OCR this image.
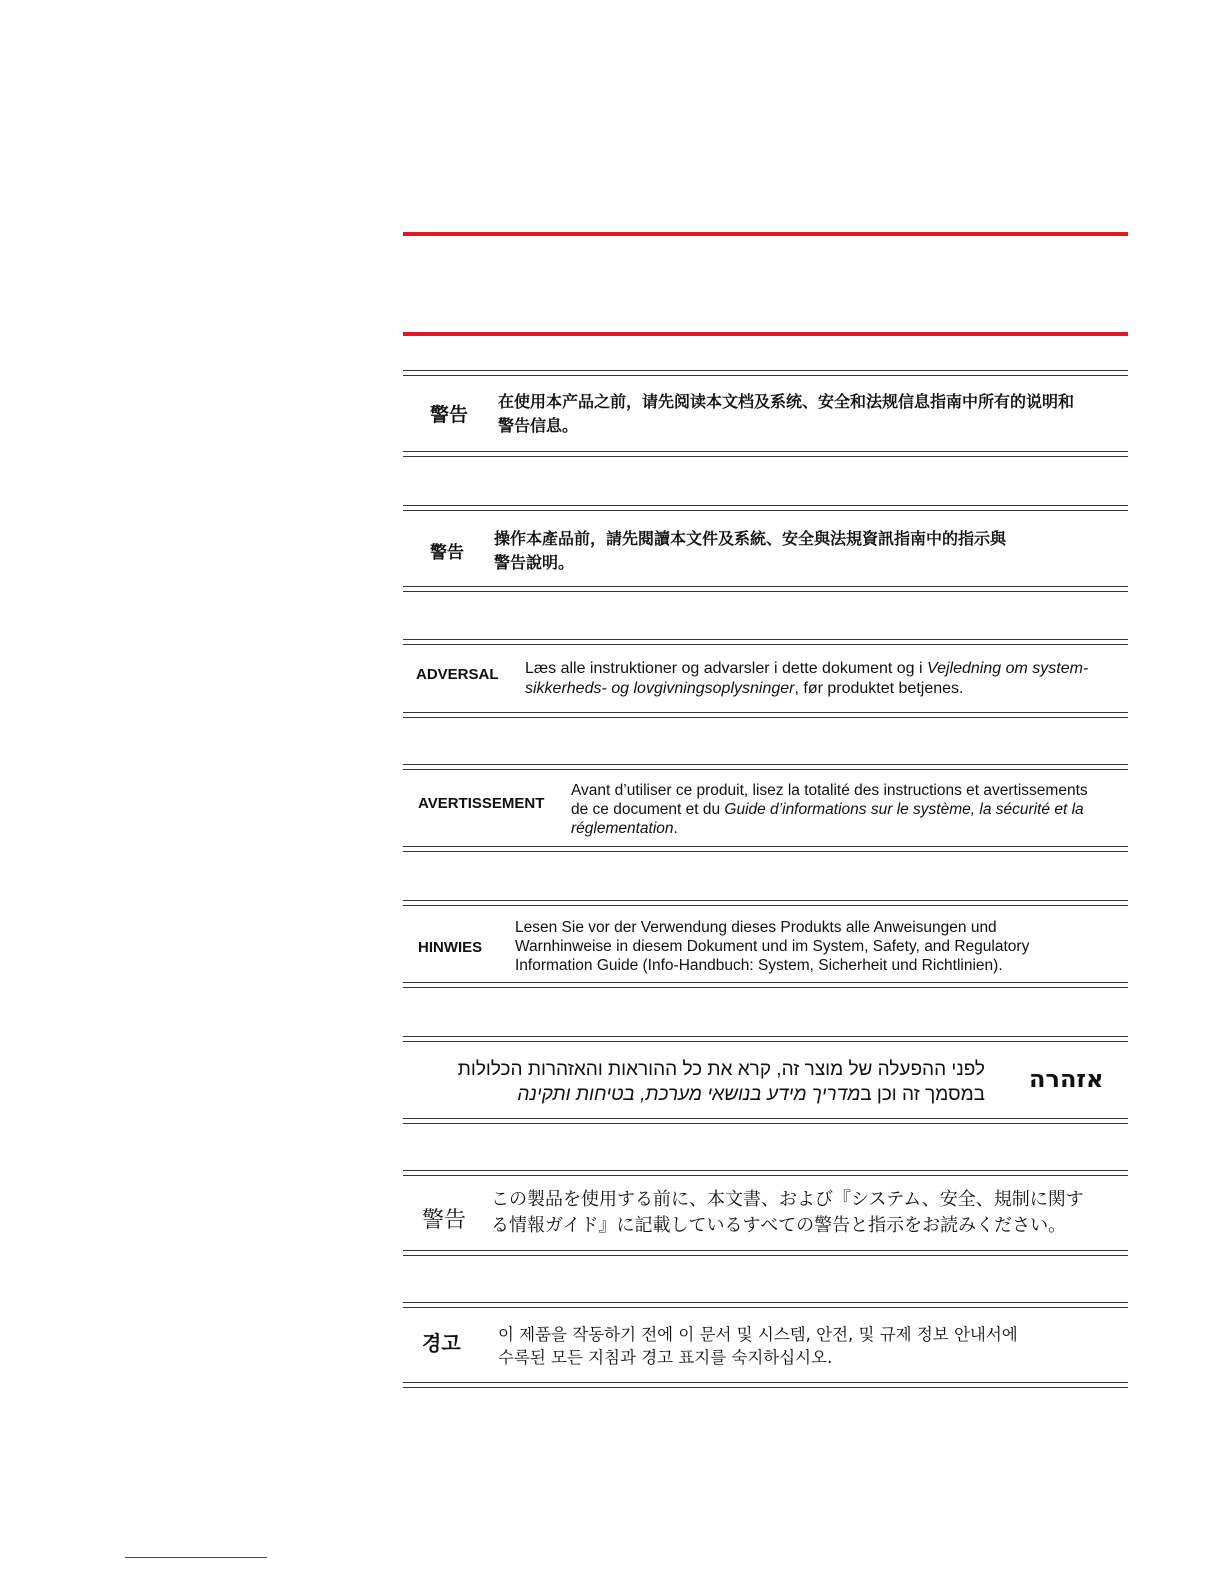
警告
在使用本产品之前，请先阅读本文档及系统、安全和法规信息指南中所有的说明和
警告信息。
警告
操作本產品前，請先閱讀本文件及系統、安全與法規資訊指南中的指示與
警告說明。
ADVERSAL Læs alle instruktioner og advarsler i dette dokument og i Vejledning om system-
sikkerheds- og lovgivningsoplysninger, før produktet betjenes.
AVERTISSEMENT
Avant d’utiliser ce produit, lisez la totalité des instructions et avertissements
de ce document et du Guide d’informations sur le système, la sécurité et la
réglementation.
HINWIES
Lesen Sie vor der Verwendung dieses Produkts alle Anweisungen und
Warnhinweise in diesem Dokument und im System, Safety, and Regulatory
Information Guide (Info-Handbuch: System, Sicherheit und Richtlinien).
לפני ההפעלה של מוצר זה, קרא את כל ההוראות והאזהרות הכלולות
במסמך זה וכן במדריך מידע בנושאי מערכת, בטיחות ותקינה
אזהרה
警告
この製品を使用する前に、本文書、および『システム、安全、規制に関す
る情報ガイド』に記載しているすべての警告と指示をお読みください。
경고 이 제품을 작동하기 전에 이 문서 및 시스템, 안전, 및 규제 정보 안내서에
수록된 모든 지침과 경고 표지를 숙지하십시오.
